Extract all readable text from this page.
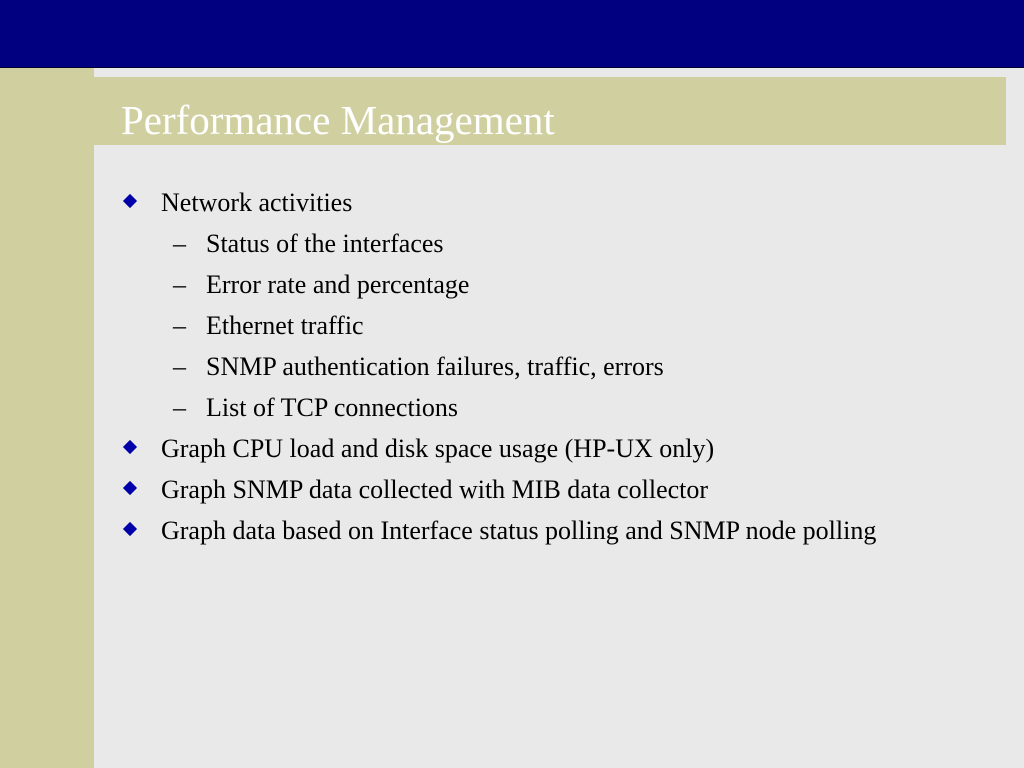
Performance Management
Network activities
– Status of the interfaces
– Error rate and percentage
– Ethernet traffic
– SNMP authentication failures, traffic, errors
– List of TCP connections
Graph CPU load and disk space usage (HP-UX only)
Graph SNMP data collected with MIB data collector
Graph data based on Interface status polling and SNMP node polling
